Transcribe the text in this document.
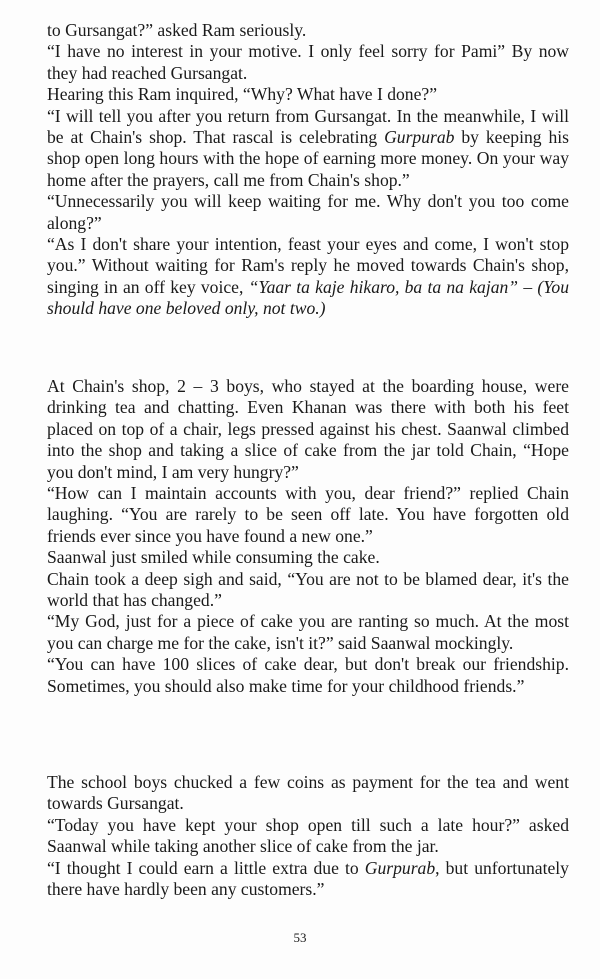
to Gursangat?” asked Ram seriously.

“I have no interest in your motive. I only feel sorry for Pami” By now they had reached Gursangat.

Hearing this Ram inquired, “Why? What have I done?”

“I will tell you after you return from Gursangat. In the meanwhile, I will be at Chain's shop. That rascal is celebrating Gurpurab by keeping his shop open long hours with the hope of earning more money. On your way home after the prayers, call me from Chain's shop.”

“Unnecessarily you will keep waiting for me. Why don't you too come along?”

“As I don't share your intention, feast your eyes and come, I won't stop you.” Without waiting for Ram's reply he moved towards Chain's shop, singing in an off key voice, “Yaar ta kaje hikaro, ba ta na kajan” – (You should have one beloved only, not two.)

At Chain's shop, 2 – 3 boys, who stayed at the boarding house, were drinking tea and chatting. Even Khanan was there with both his feet placed on top of a chair, legs pressed against his chest. Saanwal climbed into the shop and taking a slice of cake from the jar told Chain, “Hope you don't mind, I am very hungry?”

“How can I maintain accounts with you, dear friend?” replied Chain laughing. “You are rarely to be seen off late. You have forgotten old friends ever since you have found a new one.”

Saanwal just smiled while consuming the cake.

Chain took a deep sigh and said, “You are not to be blamed dear, it's the world that has changed.”

“My God, just for a piece of cake you are ranting so much. At the most you can charge me for the cake, isn't it?” said Saanwal mockingly.

“You can have 100 slices of cake dear, but don't break our friendship. Sometimes, you should also make time for your childhood friends.”

The school boys chucked a few coins as payment for the tea and went towards Gursangat.

“Today you have kept your shop open till such a late hour?” asked Saanwal while taking another slice of cake from the jar.

“I thought I could earn a little extra due to Gurpurab, but unfortunately there have hardly been any customers.”

53
